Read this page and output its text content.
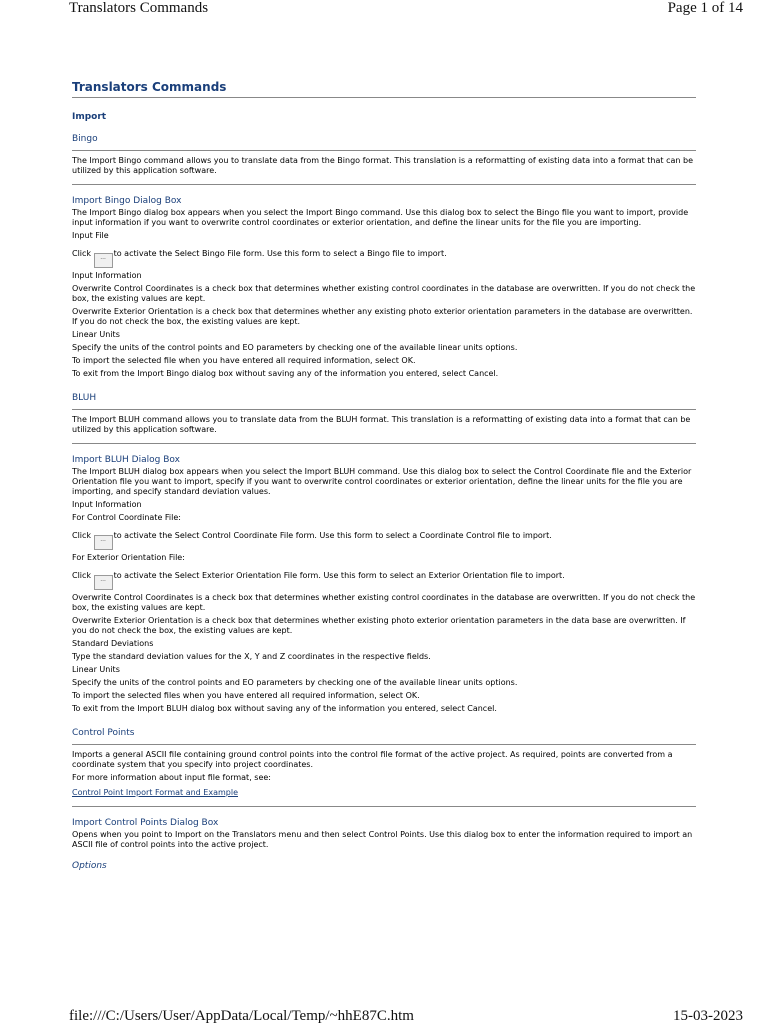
Translators Commands	Page 1 of 14
Translators Commands
Import
Bingo

The Import Bingo command allows you to translate data from the Bingo format. This translation is a reformatting of existing data into a format that can be utilized by this application software.

Import Bingo Dialog Box

The Import Bingo dialog box appears when you select the Import Bingo command. Use this dialog box to select the Bingo file you want to import, provide input information if you want to overwrite control coordinates or exterior orientation, and define the linear units for the file you are importing.

Input File

Click ... to activate the Select Bingo File form. Use this form to select a Bingo file to import.

Input Information

Overwrite Control Coordinates is a check box that determines whether existing control coordinates in the database are overwritten. If you do not check the box, the existing values are kept.

Overwrite Exterior Orientation is a check box that determines whether any existing photo exterior orientation parameters in the database are overwritten. If you do not check the box, the existing values are kept.

Linear Units

Specify the units of the control points and EO parameters by checking one of the available linear units options.

To import the selected file when you have entered all required information, select OK.

To exit from the Import Bingo dialog box without saving any of the information you entered, select Cancel.

BLUH

The Import BLUH command allows you to translate data from the BLUH format. This translation is a reformatting of existing data into a format that can be utilized by this application software.

Import BLUH Dialog Box

The Import BLUH dialog box appears when you select the Import BLUH command. Use this dialog box to select the Control Coordinate file and the Exterior Orientation file you want to import, specify if you want to overwrite control coordinates or exterior orientation, define the linear units for the file you are importing, and specify standard deviation values.

Input Information

For Control Coordinate File:

Click ... to activate the Select Control Coordinate File form. Use this form to select a Coordinate Control file to import.

For Exterior Orientation File:

Click ... to activate the Select Exterior Orientation File form. Use this form to select an Exterior Orientation file to import.

Overwrite Control Coordinates is a check box that determines whether existing control coordinates in the database are overwritten. If you do not check the box, the existing values are kept.

Overwrite Exterior Orientation is a check box that determines whether existing photo exterior orientation parameters in the data base are overwritten. If you do not check the box, the existing values are kept.

Standard Deviations

Type the standard deviation values for the X, Y and Z coordinates in the respective fields.

Linear Units

Specify the units of the control points and EO parameters by checking one of the available linear units options.

To import the selected files when you have entered all required information, select OK.

To exit from the Import BLUH dialog box without saving any of the information you entered, select Cancel.

Control Points

Imports a general ASCII file containing ground control points into the control file format of the active project. As required, points are converted from a coordinate system that you specify into project coordinates.

For more information about input file format, see:

Control Point Import Format and Example

Import Control Points Dialog Box

Opens when you point to Import on the Translators menu and then select Control Points. Use this dialog box to enter the information required to import an ASCII file of control points into the active project.

Options
file:///C:/Users/User/AppData/Local/Temp/~hhE87C.htm	15-03-2023
